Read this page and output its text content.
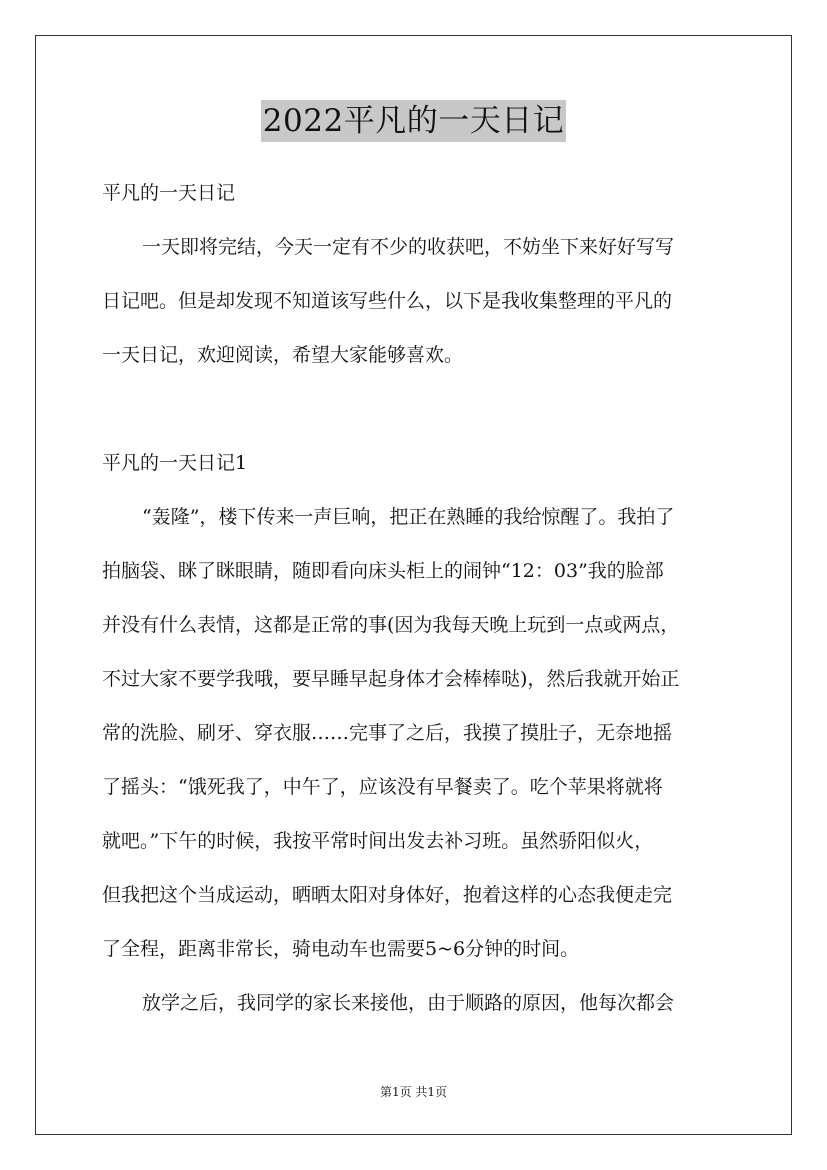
2022平凡的一天日记
平凡的一天日记
一天即将完结，今天一定有不少的收获吧，不妨坐下来好好写写
日记吧。但是却发现不知道该写些什么，以下是我收集整理的平凡的
一天日记，欢迎阅读，希望大家能够喜欢。
平凡的一天日记1
“轰隆”，楼下传来一声巨响，把正在熟睡的我给惊醒了。我拍了
拍脑袋、眯了眯眼睛，随即看向床头柜上的闹钟“12：03”我的脸部
并没有什么表情，这都是正常的事(因为我每天晚上玩到一点或两点，
不过大家不要学我哦，要早睡早起身体才会棒棒哒)，然后我就开始正
常的洗脸、刷牙、穿衣服……完事了之后，我摸了摸肚子，无奈地摇
了摇头：“饿死我了，中午了，应该没有早餐卖了。吃个苹果将就将
就吧。”下午的时候，我按平常时间出发去补习班。虽然骄阳似火，
但我把这个当成运动，晒晒太阳对身体好，抱着这样的心态我便走完
了全程，距离非常长，骑电动车也需要5~6分钟的时间。
放学之后，我同学的家长来接他，由于顺路的原因，他每次都会
第1页 共1页
